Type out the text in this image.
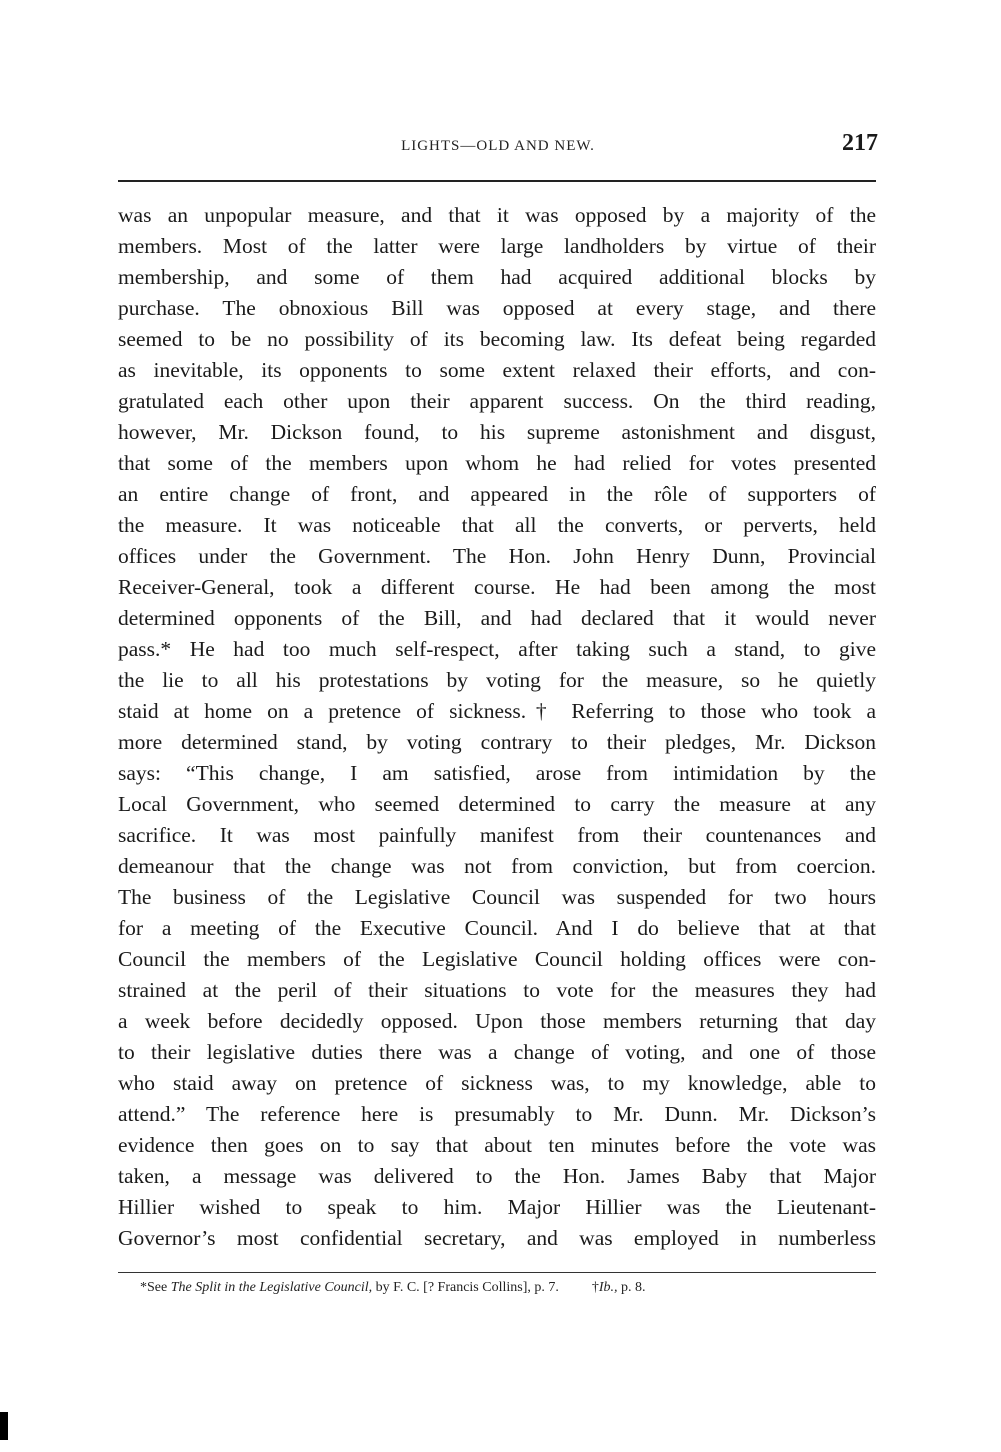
LIGHTS—OLD AND NEW.	217
was an unpopular measure, and that it was opposed by a majority of the
members. Most of the latter were large landholders by virtue of their
membership, and some of them had acquired additional blocks by
purchase. The obnoxious Bill was opposed at every stage, and there
seemed to be no possibility of its becoming law. Its defeat being regarded
as inevitable, its opponents to some extent relaxed their efforts, and con-
gratulated each other upon their apparent success. On the third reading,
however, Mr. Dickson found, to his supreme astonishment and disgust,
that some of the members upon whom he had relied for votes presented
an entire change of front, and appeared in the rôle of supporters of
the measure. It was noticeable that all the converts, or perverts, held
offices under the Government. The Hon. John Henry Dunn, Provincial
Receiver-General, took a different course. He had been among the most
determined opponents of the Bill, and had declared that it would never
pass.* He had too much self-respect, after taking such a stand, to give
the lie to all his protestations by voting for the measure, so he quietly
staid at home on a pretence of sickness.† Referring to those who took a
more determined stand, by voting contrary to their pledges, Mr. Dickson
says: “This change, I am satisfied, arose from intimidation by the
Local Government, who seemed determined to carry the measure at any
sacrifice. It was most painfully manifest from their countenances and
demeanour that the change was not from conviction, but from coercion.
The business of the Legislative Council was suspended for two hours
for a meeting of the Executive Council. And I do believe that at that
Council the members of the Legislative Council holding offices were con-
strained at the peril of their situations to vote for the measures they had
a week before decidedly opposed. Upon those members returning that day
to their legislative duties there was a change of voting, and one of those
who staid away on pretence of sickness was, to my knowledge, able to
attend.” The reference here is presumably to Mr. Dunn. Mr. Dickson’s
evidence then goes on to say that about ten minutes before the vote was
taken, a message was delivered to the Hon. James Baby that Major
Hillier wished to speak to him. Major Hillier was the Lieutenant-
Governor’s most confidential secretary, and was employed in numberless
*See The Split in the Legislative Council, by F. C. [? Francis Collins], p. 7. †Ib., p. 8.
